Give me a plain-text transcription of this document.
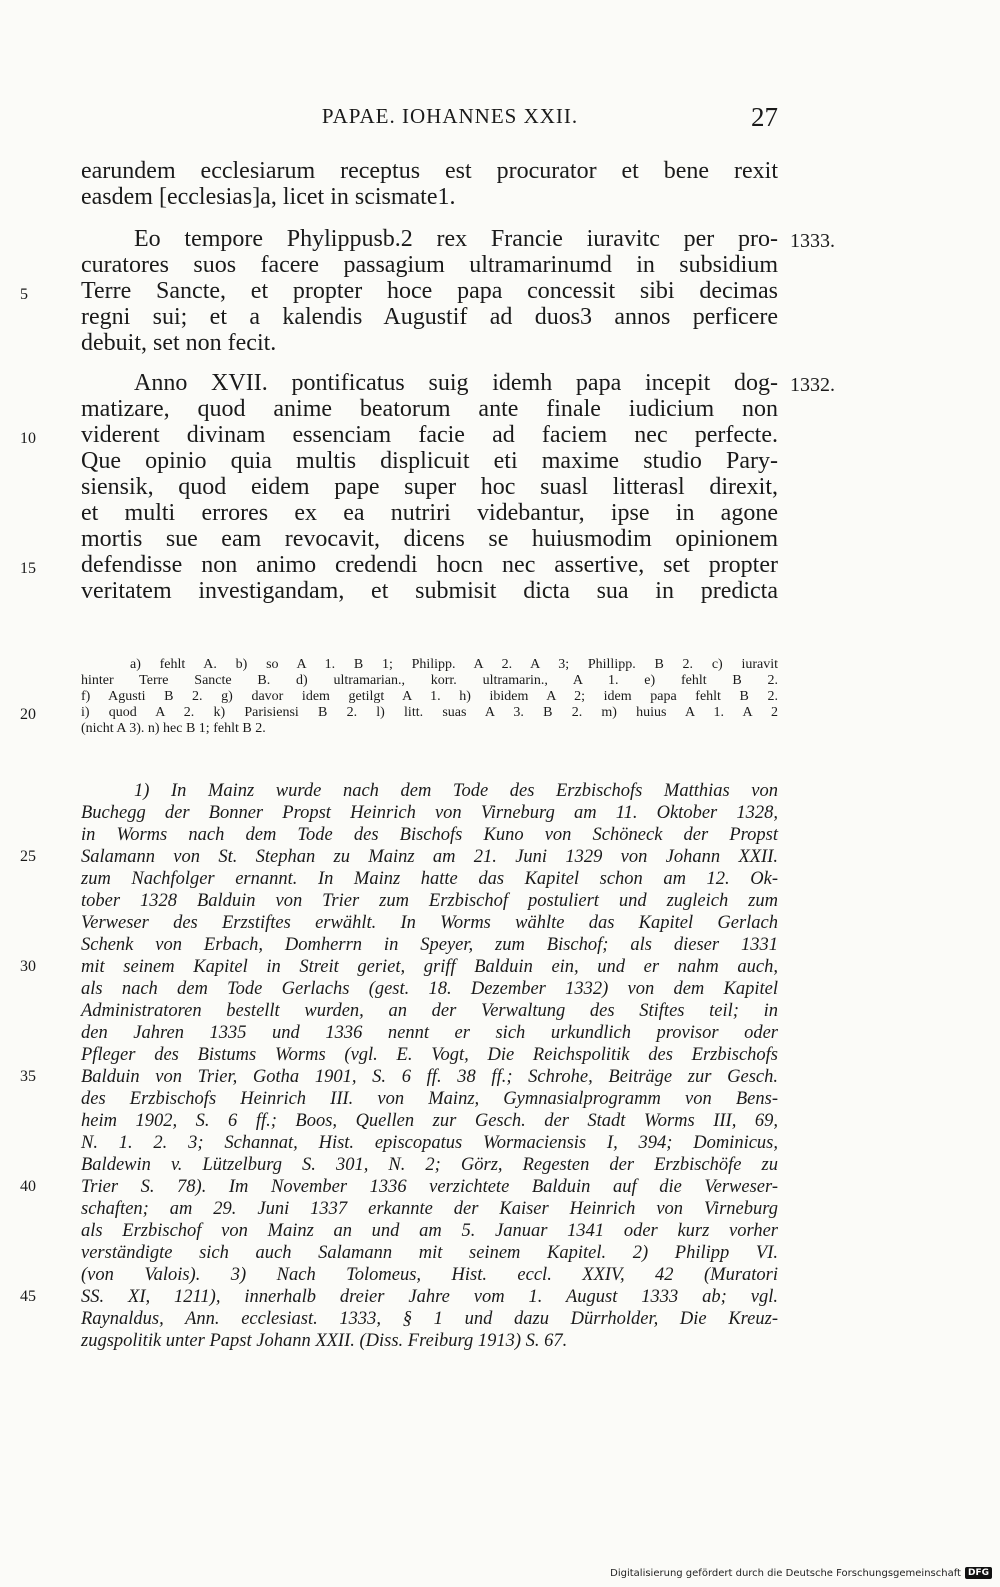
PAPAE. IOHANNES XXII.	27
earundem ecclesiarum receptus est procurator et bene rexit
easdem [ecclesias]a, licet in scismate1.
Eo tempore Phylippusb.2 rex Francie iuravitc per pro-
curatores suos facere passagium ultramarinumd in subsidium
Terre Sancte, et propter hoce papa concessit sibi decimas
regni sui; et a kalendis Augustif ad duos3 annos perficere
debuit, set non fecit.
Anno XVII. pontificatus suig idemh papa incepit dog-
matizare, quod anime beatorum ante finale iudicium non
viderent divinam essenciam facie ad faciem nec perfecte.
Que opinio quia multis displicuit eti maxime studio Pary-
siensik, quod eidem pape super hoc suasl litterasl direxit,
et multi errores ex ea nutriri videbantur, ipse in agone
mortis sue eam revocavit, dicens se huiusmodim opinionem
defendisse non animo credendi hocn nec assertive, set propter
veritatem investigandam, et submisit dicta sua in predicta
1333.
1332.
5
10
15
20
25
30
35
40
45
a) fehlt A. b) so A 1. B 1; Philipp. A 2. A 3; Phillipp. B 2. c) iuravit
hinter Terre Sancte B. d) ultramarian., korr. ultramarin., A 1. e) fehlt B 2.
f) Agusti B 2. g) davor idem getilgt A 1. h) ibidem A 2; idem papa fehlt B 2.
i) quod A 2. k) Parisiensi B 2. l) litt. suas A 3. B 2. m) huius A 1. A 2
(nicht A 3). n) hec B 1; fehlt B 2.
1) In Mainz wurde nach dem Tode des Erzbischofs Matthias von
Buchegg der Bonner Propst Heinrich von Virneburg am 11. Oktober 1328,
in Worms nach dem Tode des Bischofs Kuno von Schöneck der Propst
Salamann von St. Stephan zu Mainz am 21. Juni 1329 von Johann XXII.
zum Nachfolger ernannt. In Mainz hatte das Kapitel schon am 12. Ok-
tober 1328 Balduin von Trier zum Erzbischof postuliert und zugleich zum
Verweser des Erzstiftes erwählt. In Worms wählte das Kapitel Gerlach
Schenk von Erbach, Domherrn in Speyer, zum Bischof; als dieser 1331
mit seinem Kapitel in Streit geriet, griff Balduin ein, und er nahm auch,
als nach dem Tode Gerlachs (gest. 18. Dezember 1332) von dem Kapitel
Administratoren bestellt wurden, an der Verwaltung des Stiftes teil; in
den Jahren 1335 und 1336 nennt er sich urkundlich provisor oder
Pfleger des Bistums Worms (vgl. E. Vogt, Die Reichspolitik des Erzbischofs
Balduin von Trier, Gotha 1901, S. 6 ff. 38 ff.; Schrohe, Beiträge zur Gesch.
des Erzbischofs Heinrich III. von Mainz, Gymnasialprogramm von Bens-
heim 1902, S. 6 ff.; Boos, Quellen zur Gesch. der Stadt Worms III, 69,
N. 1. 2. 3; Schannat, Hist. episcopatus Wormaciensis I, 394; Dominicus,
Baldewin v. Lützelburg S. 301, N. 2; Görz, Regesten der Erzbischöfe zu
Trier S. 78). Im November 1336 verzichtete Balduin auf die Verweser-
schaften; am 29. Juni 1337 erkannte der Kaiser Heinrich von Virneburg
als Erzbischof von Mainz an und am 5. Januar 1341 oder kurz vorher
verständigte sich auch Salamann mit seinem Kapitel. 2) Philipp VI.
(von Valois). 3) Nach Tolomeus, Hist. eccl. XXIV, 42 (Muratori
SS. XI, 1211), innerhalb dreier Jahre vom 1. August 1333 ab; vgl.
Raynaldus, Ann. ecclesiast. 1333, § 1 und dazu Dürrholder, Die Kreuz-
zugspolitik unter Papst Johann XXII. (Diss. Freiburg 1913) S. 67.
Digitalisierung gefördert durch die Deutsche Forschungsgemeinschaft DFG
